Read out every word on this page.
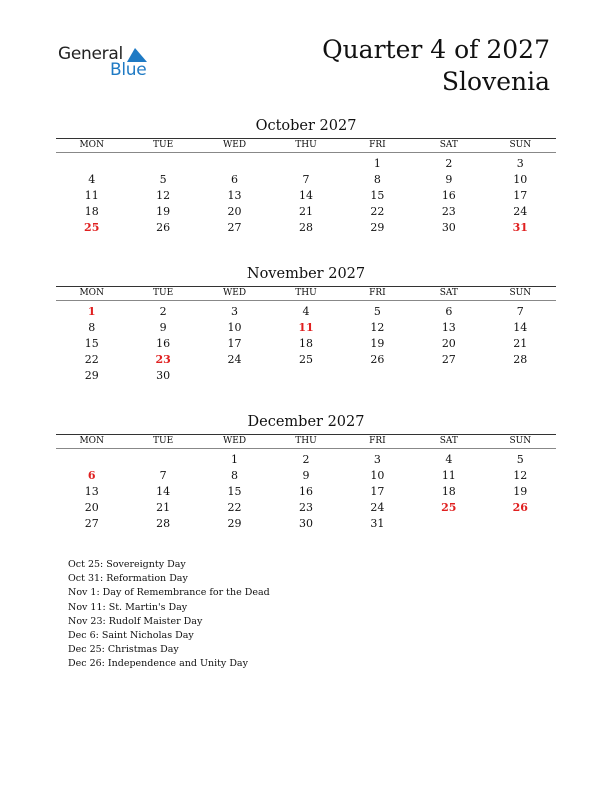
General
Blue
Quarter 4 of 2027
Slovenia
October 2027
MON	TUE	WED	THU	FRI	SAT	SUN
				1	2	3
4	5	6	7	8	9	10
11	12	13	14	15	16	17
18	19	20	21	22	23	24
25	26	27	28	29	30	31
November 2027
MON	TUE	WED	THU	FRI	SAT	SUN
1	2	3	4	5	6	7
8	9	10	11	12	13	14
15	16	17	18	19	20	21
22	23	24	25	26	27	28
29	30					
December 2027
MON	TUE	WED	THU	FRI	SAT	SUN
		1	2	3	4	5
6	7	8	9	10	11	12
13	14	15	16	17	18	19
20	21	22	23	24	25	26
27	28	29	30	31		
Oct 25: Sovereignty Day
Oct 31: Reformation Day
Nov 1: Day of Remembrance for the Dead
Nov 11: St. Martin's Day
Nov 23: Rudolf Maister Day
Dec 6: Saint Nicholas Day
Dec 25: Christmas Day
Dec 26: Independence and Unity Day
